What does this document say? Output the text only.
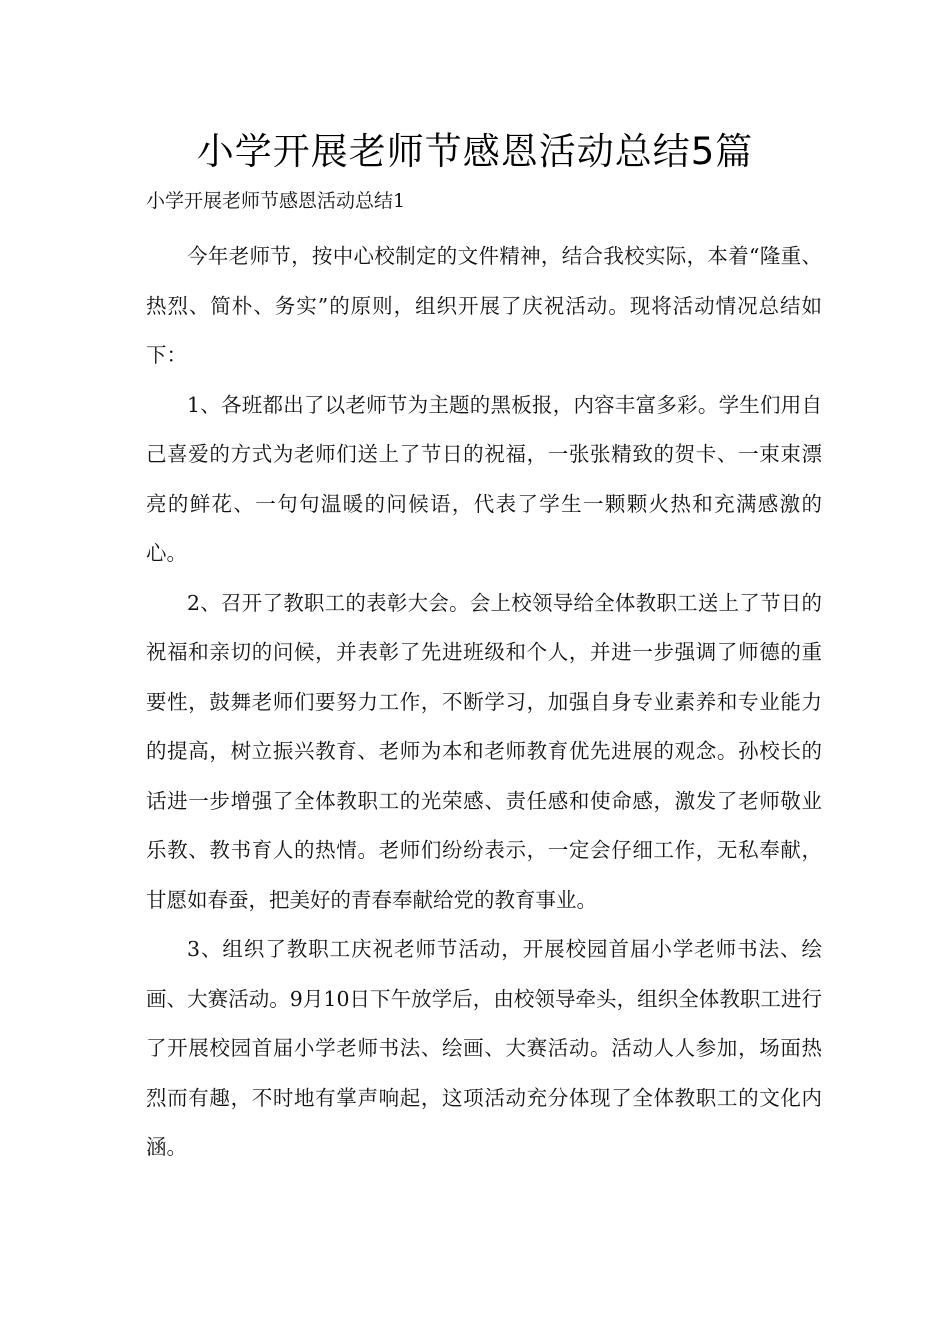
小学开展老师节感恩活动总结5篇
小学开展老师节感恩活动总结1

今年老师节，按中心校制定的文件精神，结合我校实际，本着“隆重、热烈、简朴、务实”的原则，组织开展了庆祝活动。现将活动情况总结如下：

1、各班都出了以老师节为主题的黑板报，内容丰富多彩。学生们用自己喜爱的方式为老师们送上了节日的祝福，一张张精致的贺卡、一束束漂亮的鲜花、一句句温暖的问候语，代表了学生一颗颗火热和充满感激的心。

2、召开了教职工的表彰大会。会上校领导给全体教职工送上了节日的祝福和亲切的问候，并表彰了先进班级和个人，并进一步强调了师德的重要性，鼓舞老师们要努力工作，不断学习，加强自身专业素养和专业能力的提高，树立振兴教育、老师为本和老师教育优先进展的观念。孙校长的话进一步增强了全体教职工的光荣感、责任感和使命感，激发了老师敬业乐教、教书育人的热情。老师们纷纷表示，一定会仔细工作，无私奉献，甘愿如春蚕，把美好的青春奉献给党的教育事业。

3、组织了教职工庆祝老师节活动，开展校园首届小学老师书法、绘画、大赛活动。9月10日下午放学后，由校领导牵头，组织全体教职工进行了开展校园首届小学老师书法、绘画、大赛活动。活动人人参加，场面热烈而有趣，不时地有掌声响起，这项活动充分体现了全体教职工的文化内涵。
